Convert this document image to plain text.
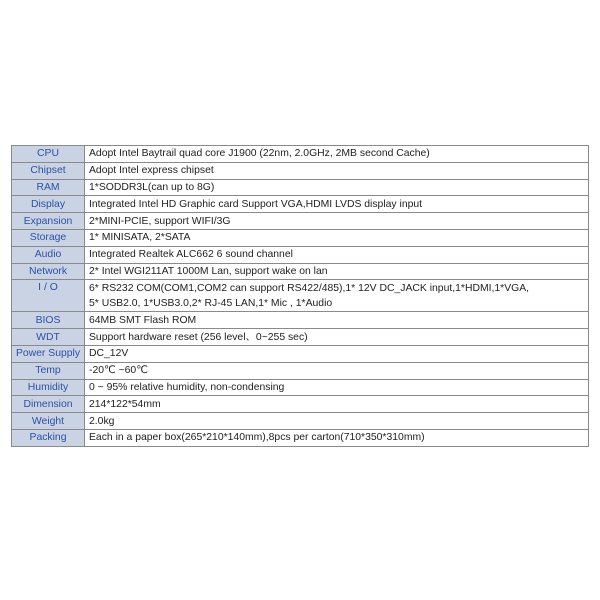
CPU	Adopt Intel Baytrail quad core J1900 (22nm, 2.0GHz, 2MB second Cache)
Chipset	Adopt Intel express chipset
RAM	1*SODDR3L(can up to 8G)
Display	Integrated Intel HD Graphic card Support VGA,HDMI LVDS display input
Expansion	2*MINI-PCIE, support WIFI/3G
Storage	1* MINISATA, 2*SATA
Audio	Integrated Realtek ALC662 6 sound channel
Network	2* Intel WGI211AT 1000M Lan, support wake on lan
I / O	6* RS232 COM(COM1,COM2 can support RS422/485),1* 12V DC_JACK input,1*HDMI,1*VGA,
5* USB2.0, 1*USB3.0,2* RJ-45 LAN,1* Mic , 1*Audio

BIOS	64MB SMT Flash ROM
WDT	Support hardware reset (256 level、0~255 sec)
Power Supply	DC_12V
Temp	-20℃ ~60℃
Humidity	0 ~ 95% relative humidity, non-condensing
Dimension	214*122*54mm
Weight	2.0kg
Packing	Each in a paper box(265*210*140mm),8pcs per carton(710*350*310mm)
